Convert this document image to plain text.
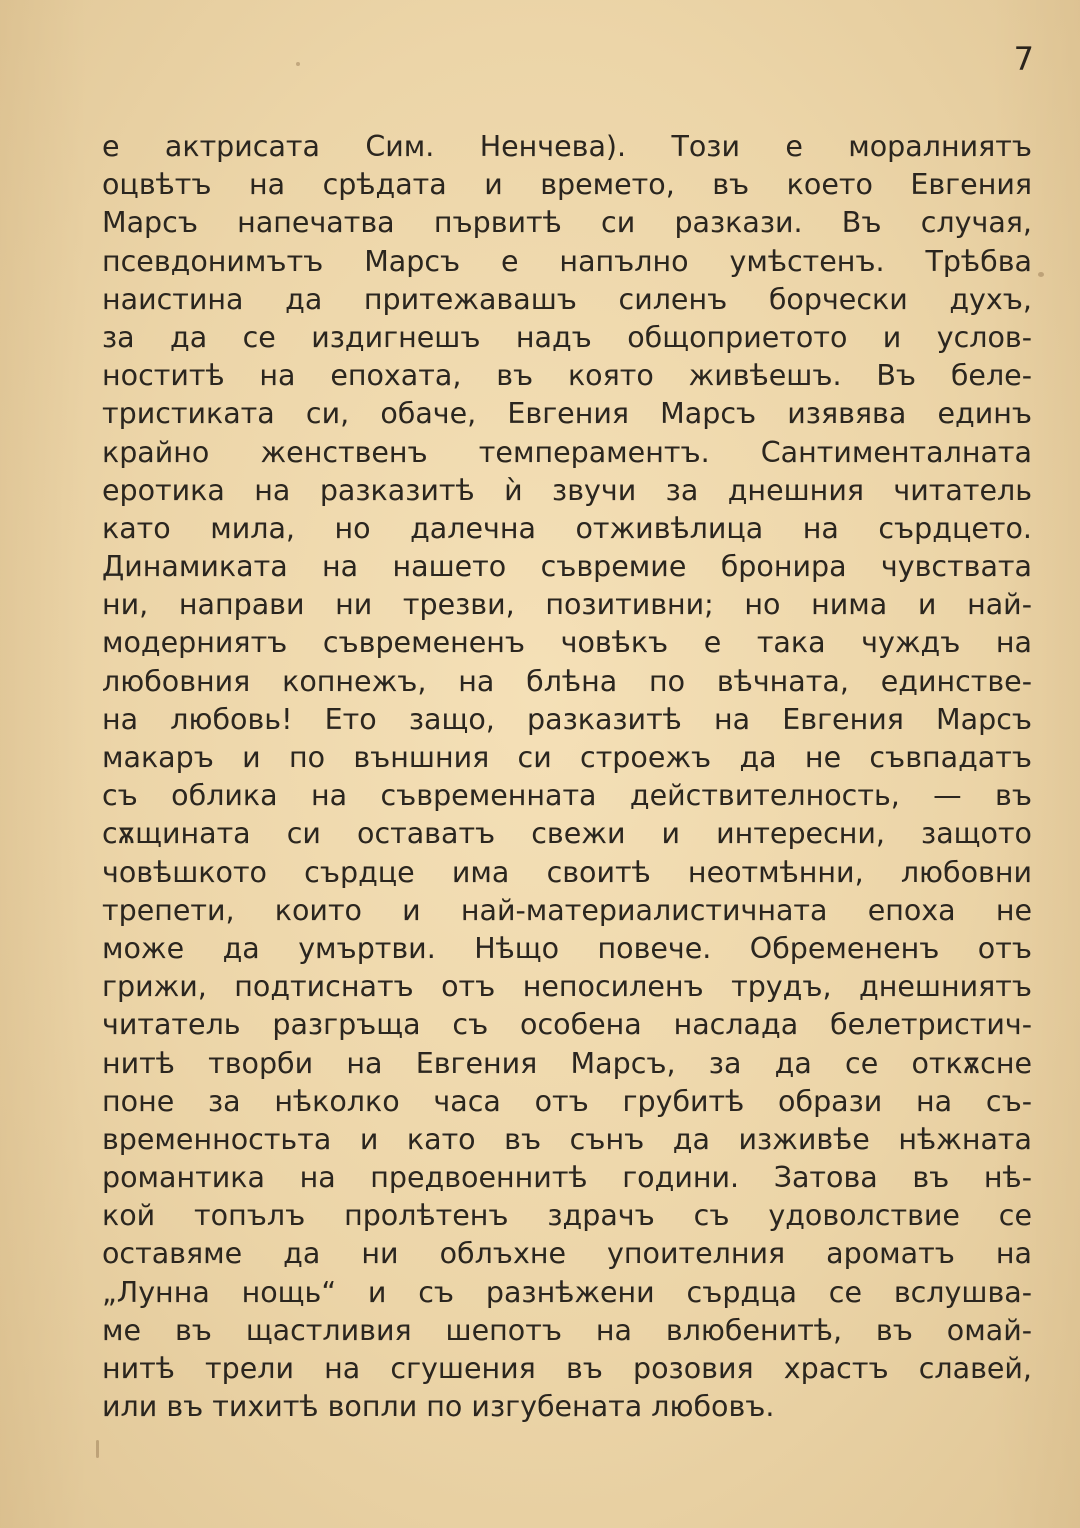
7
е актрисата Сим. Ненчева). Този е моралниятъ
оцвѣтъ на срѣдата и времето, въ което Евгения
Марсъ напечатва първитѣ си разкази. Въ случая,
псевдонимътъ Марсъ е напълно умѣстенъ. Трѣбва
наистина да притежавашъ силенъ борчески духъ,
за да се издигнешъ надъ общоприетото и услов-
ноститѣ на епохата, въ която живѣешъ. Въ беле-
тристиката си, обаче, Евгения Марсъ изявява единъ
крайно женственъ темпераментъ. Сантименталната
еротика на разказитѣ ѝ звучи за днешния читатель
като мила, но далечна отживѣлица на сърдцето.
Динамиката на нашето съвремие бронира чувствата
ни, направи ни трезви, позитивни; но нима и най-
модерниятъ съвремененъ човѣкъ е така чуждъ на
любовния копнежъ, на блѣна по вѣчната, единстве-
на любовь! Ето защо, разказитѣ на Евгения Марсъ
макаръ и по външния си строежъ да не съвпадатъ
съ облика на съвременната действителность, — въ
сѫщината си оставатъ свежи и интересни, защото
човѣшкото сърдце има своитѣ неотмѣнни, любовни
трепети, които и най-материалистичната епоха не
може да умъртви. Нѣщо повече. Обремененъ отъ
грижи, подтиснатъ отъ непосиленъ трудъ, днешниятъ
читатель разгръща съ особена наслада белетристич-
нитѣ творби на Евгения Марсъ, за да се откѫсне
поне за нѣколко часа отъ грубитѣ образи на съ-
временностьта и като въ сънъ да изживѣе нѣжната
романтика на предвоеннитѣ години. Затова въ нѣ-
кой топълъ пролѣтенъ здрачъ съ удоволствие се
оставяме да ни облъхне упоителния ароматъ на
„Лунна нощь“ и съ разнѣжени сърдца се вслушва-
ме въ щастливия шепотъ на влюбенитѣ, въ омай-
нитѣ трели на сгушения въ розовия храстъ славей,
или въ тихитѣ вопли по изгубената любовъ.
